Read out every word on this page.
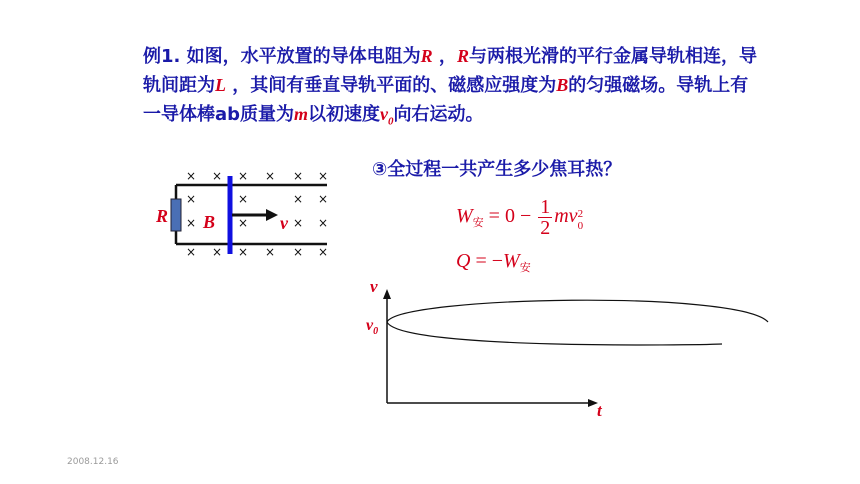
例1. 如图，水平放置的导体电阻为R ，R与两根光滑的平行金属导轨相连，导轨间距为L ，其间有垂直导轨平面的、磁感应强度为B的匀强磁场。导轨上有一导体棒ab质量为m以初速度$v_0$向右运动。
③全过程一共产生多少焦耳热？
$W_安 = 0 - \frac{1}{2}$ mv 2
0
$Q = -W_安$
× × × × × ×
×	×	× ×
×	×	× ×
× × × × × ×
R B	v
v
t
$v_0$
2008.12.16
